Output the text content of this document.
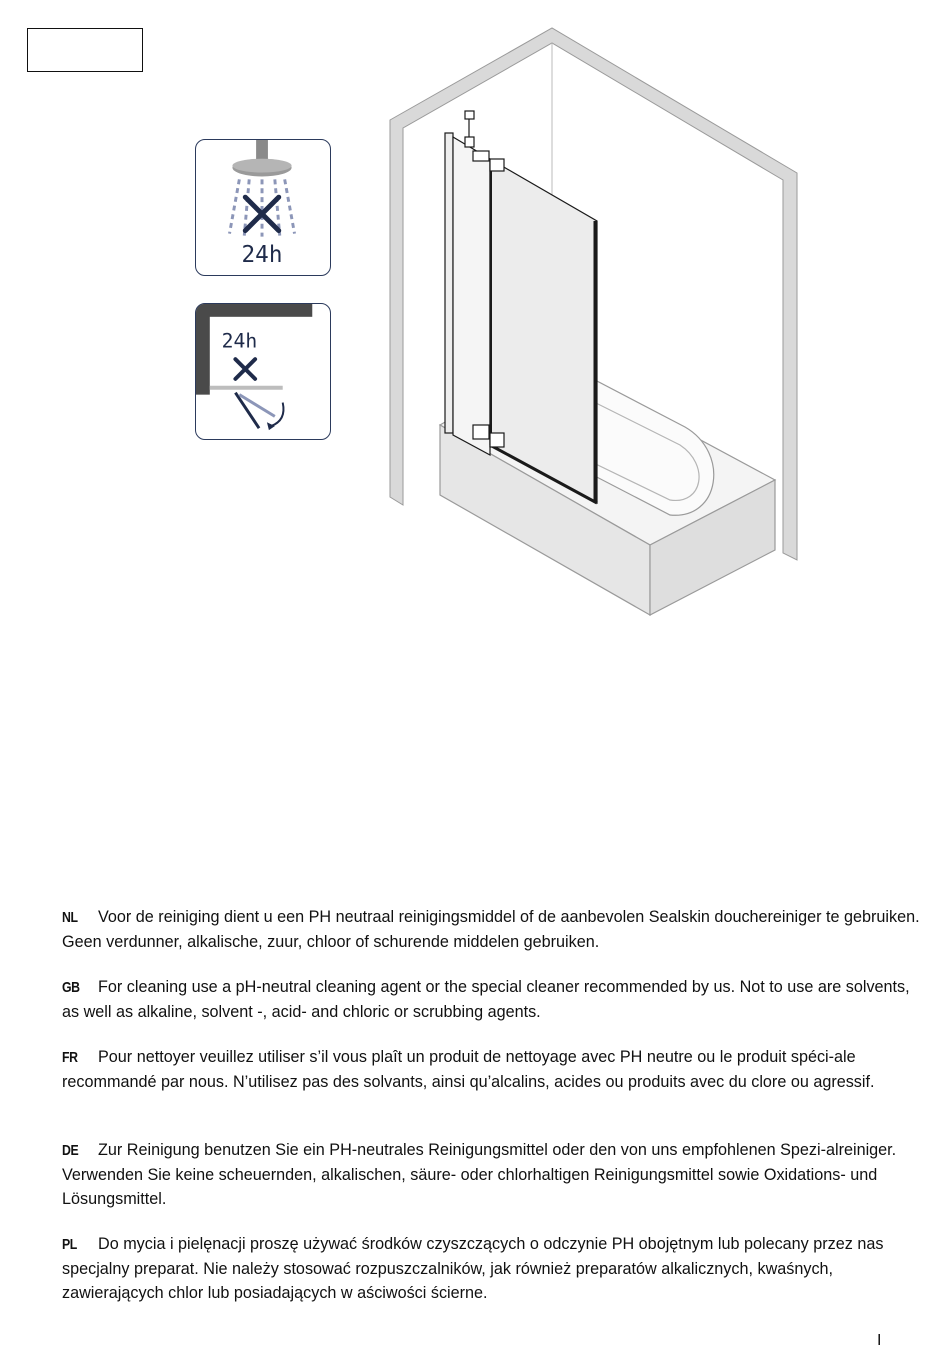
24h
24h
NL Voor de reiniging dient u een PH neutraal reinigingsmiddel of de aanbevolen Sealskin douchereiniger te gebruiken. Geen verdunner, alkalische, zuur, chloor of schurende middelen gebruiken.
GB For cleaning use a pH-neutral cleaning agent or the special cleaner recommended by us. Not to use are solvents, as well as alkaline, solvent -, acid- and chloric or scrubbing agents.
FR Pour nettoyer veuillez utiliser s’il vous plaît un produit de nettoyage avec PH neutre ou le produit spéci-ale recommandé par nous. N’utilisez pas des solvants, ainsi qu’alcalins, acides ou produits avec du clore ou agressif.
DE Zur Reinigung benutzen Sie ein PH-neutrales Reinigungsmittel oder den von uns empfohlenen Spezi-alreiniger. Verwenden Sie keine scheuernden, alkalischen, säure- oder chlorhaltigen Reinigungsmittel sowie Oxidations- und Lösungsmittel.
PL Do mycia i pielęnacji proszę używać środków czyszczących o odczynie PH obojętnym lub polecany przez nas specjalny preparat. Nie należy stosować rozpuszczalników, jak również preparatów alkalicznych, kwaśnych, zawierających chlor lub posiadających w aściwości ścierne.
I
